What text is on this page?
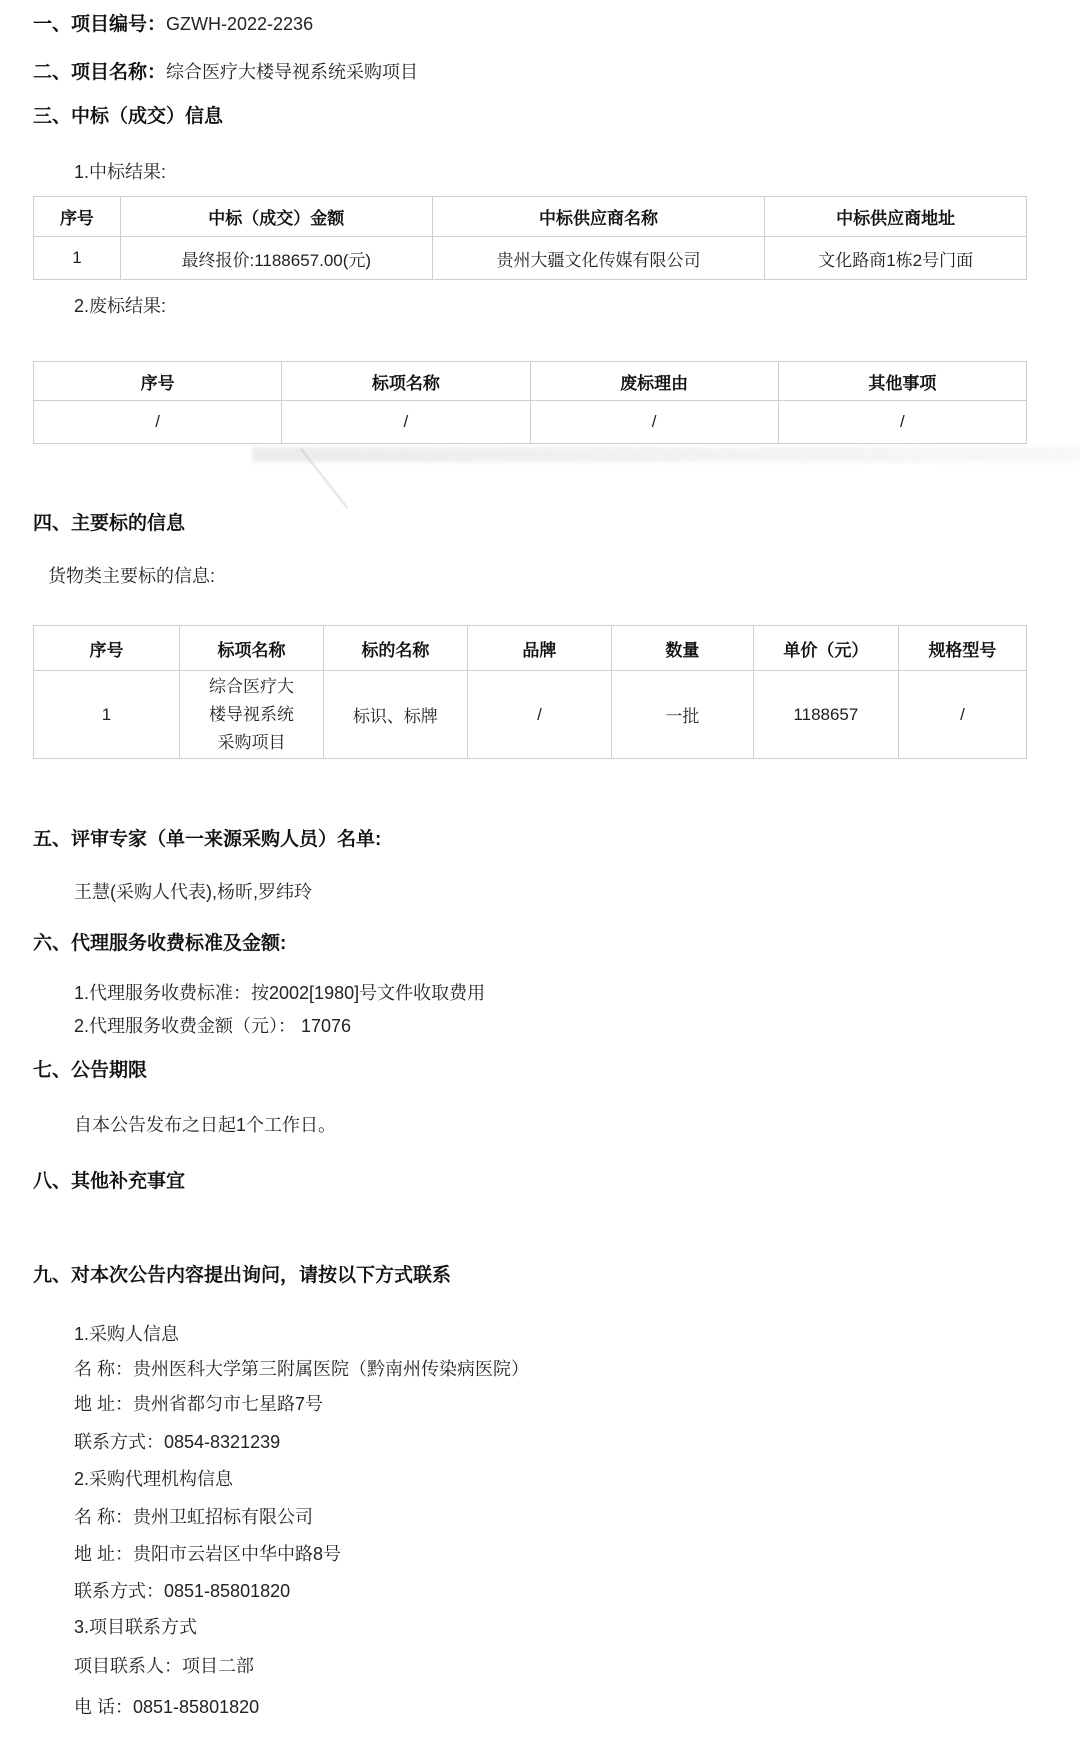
一、项目编号：GZWH-2022-2236
二、项目名称：综合医疗大楼导视系统采购项目
三、中标（成交）信息
1.中标结果:
序号	中标（成交）金额	中标供应商名称	中标供应商地址
1	最终报价:1188657.00(元)	贵州大疆文化传媒有限公司	文化路商1栋2号门面
2.废标结果:
序号	标项名称	废标理由	其他事项
/	/	/	/
四、主要标的信息
货物类主要标的信息:
序号	标项名称	标的名称	品牌	数量	单价（元）	规格型号
1	综合医疗大楼导视系统采购项目	标识、标牌	/	一批	1188657	/
五、评审专家（单一来源采购人员）名单:
王慧(采购人代表),杨昕,罗纬玲
六、代理服务收费标准及金额:
1.代理服务收费标准：按2002[1980]号文件收取费用
2.代理服务收费金额（元）： 17076
七、公告期限
自本公告发布之日起1个工作日。
八、其他补充事宜
九、对本次公告内容提出询问，请按以下方式联系
1.采购人信息
名 称：贵州医科大学第三附属医院（黔南州传染病医院）
地 址：贵州省都匀市七星路7号
联系方式：0854-8321239
2.采购代理机构信息
名 称：贵州卫虹招标有限公司
地 址：贵阳市云岩区中华中路8号
联系方式：0851-85801820
3.项目联系方式
项目联系人：项目二部
电 话：0851-85801820
